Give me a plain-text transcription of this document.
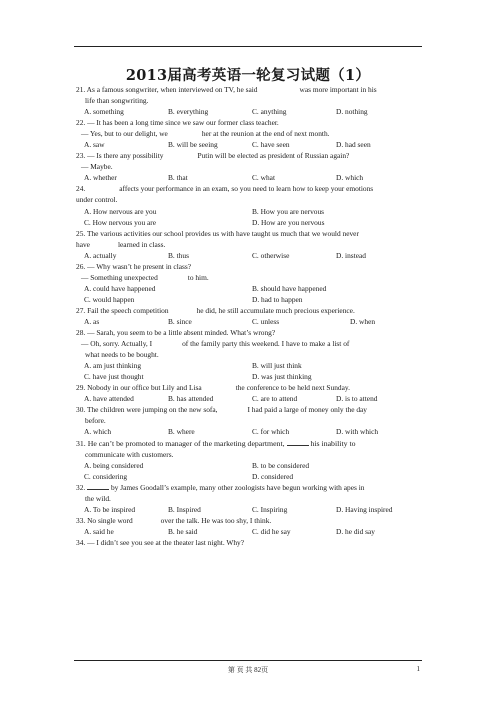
2013届高考英语一轮复习试题（1）

21. As a famous songwriter, when interviewed on TV, he said	was more important in his

life than songwriting.

A. something	B. everything	C. anything	D. nothing

22. — It has been a long time since we saw our former class teacher.

— Yes, but to our delight, we	her at the reunion at the end of next month.

A. saw	B. will be seeing	C. have seen	D. had seen

23. — Is there any possibility	Putin will be elected as president of Russian again?

— Maybe.

A. whether	B. that	C. what	D. which

24.	affects your performance in an exam, so you need to learn how to keep your emotions

under control.

A. How nervous are you	B. How you are nervous
C. How nervous you are	D. How are you nervous

25. The various activities our school provides us with have taught us much that we would never

have	learned in class.

A. actually	B. thus	C. otherwise	D. instead

26. — Why wasn’t he present in class?

— Something unexpected	to him.

A. could have happened	B. should have happened
C. would happen	D. had to happen

27. Fail the speech competition	he did, he still accumulate much precious experience.

A. as	B. since	C. unless	D. when

28. — Sarah, you seem to be a little absent minded. What’s wrong?

— Oh, sorry. Actually, I	of the family party this weekend. I have to make a list of

what needs to be bought.

A. am just thinking	B. will just think
C. have just thought	D. was just thinking

29. Nobody in our office but Lily and Lisa	the conference to be held next Sunday.

A. have attended	B. has attended	C. are to attend	D. is to attend

30. The children were jumping on the new sofa,	I had paid a large of money only the day

before.

A. which	B. where	C. for which	D. with which

31. He can’t be promoted to manager of the marketing department,	his inability to

communicate with customers.

A. being considered	B. to be considered
C. considering	D. considered

32.	by James Goodall’s example, many other zoologists have begun working with apes in

the wild.

A. To be inspired	B. Inspired	C. Inspiring	D. Having inspired

33. No single word	over the talk. He was too shy, I think.

A. said he	B. he said	C. did he say	D. he did say

34. — I didn’t see you see at the theater last night. Why?

第 页 共 82页	1
